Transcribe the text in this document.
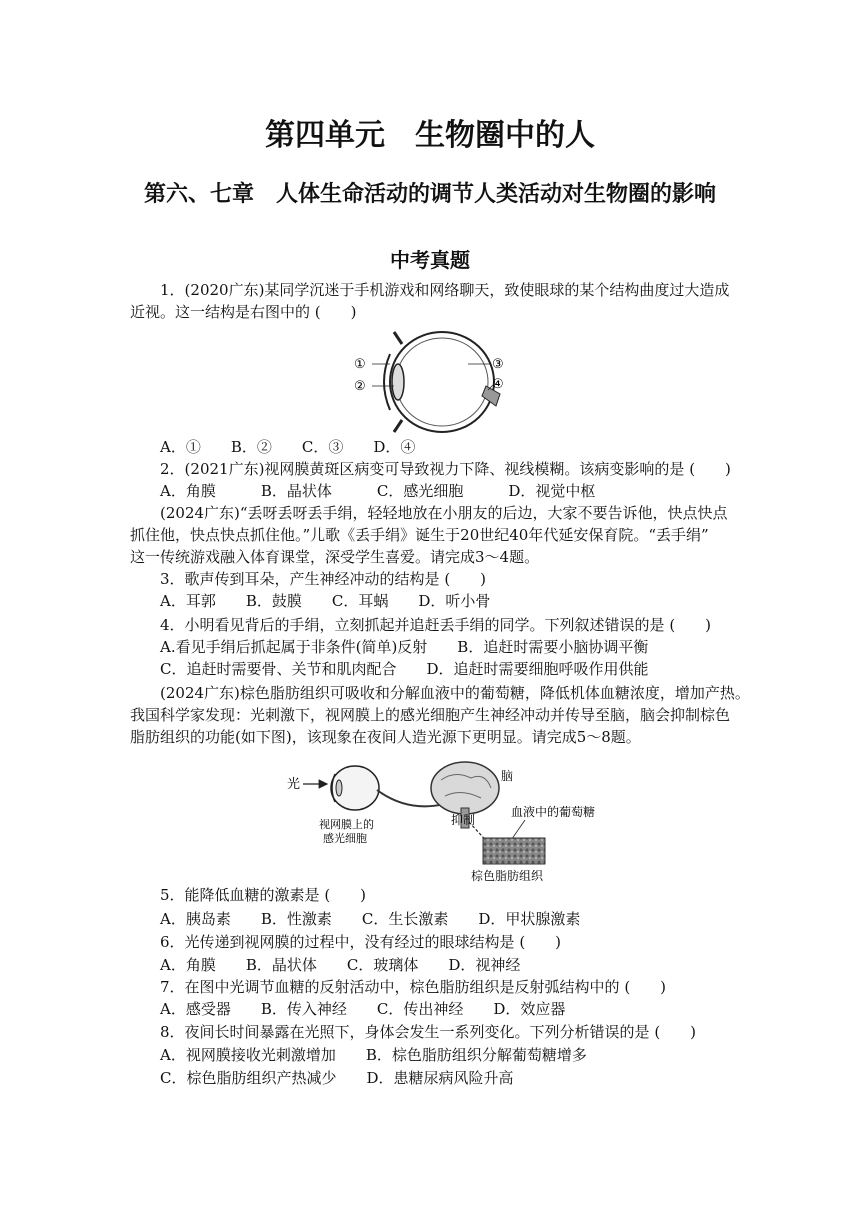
第四单元　生物圈中的人
第六、七章　人体生命活动的调节人类活动对生物圈的影响
中考真题
1．(2020广东)某同学沉迷于手机游戏和网络聊天，致使眼球的某个结构曲度过大造成
近视。这一结构是右图中的 (　　)
①
②
③
④
A．①　　B．②　　C．③　　D．④
2．(2021广东)视网膜黄斑区病变可导致视力下降、视线模糊。该病变影响的是 (　　)
A．角膜　　　B．晶状体　　　C．感光细胞　　　D．视觉中枢
(2024广东)“丢呀丢呀丢手绢，轻轻地放在小朋友的后边，大家不要告诉他，快点快点
抓住他，快点快点抓住他。”儿歌《丢手绢》诞生于20世纪40年代延安保育院。“丢手绢”
这一传统游戏融入体育课堂，深受学生喜爱。请完成3～4题。
3．歌声传到耳朵，产生神经冲动的结构是 (　　)
A．耳郭　　B．鼓膜　　C．耳蜗　　D．听小骨
4．小明看见背后的手绢，立刻抓起并追赶丢手绢的同学。下列叙述错误的是 (　　)
A.看见手绢后抓起属于非条件(简单)反射　　B．追赶时需要小脑协调平衡
C．追赶时需要骨、关节和肌肉配合　　D．追赶时需要细胞呼吸作用供能
(2024广东)棕色脂肪组织可吸收和分解血液中的葡萄糖，降低机体血糖浓度，增加产热。
我国科学家发现：光刺激下，视网膜上的感光细胞产生神经冲动并传导至脑，脑会抑制棕色
脂肪组织的功能(如下图)，该现象在夜间人造光源下更明显。请完成5～8题。
光
视网膜上的
感光细胞
脑
抑制
血液中的葡萄糖
棕色脂肪组织
5．能降低血糖的激素是 (　　)
A．胰岛素　　B．性激素　　C．生长激素　　D．甲状腺激素
6．光传递到视网膜的过程中，没有经过的眼球结构是 (　　)
A．角膜　　B．晶状体　　C．玻璃体　　D．视神经
7．在图中光调节血糖的反射活动中，棕色脂肪组织是反射弧结构中的 (　　)
A．感受器　　B．传入神经　　C．传出神经　　D．效应器
8．夜间长时间暴露在光照下，身体会发生一系列变化。下列分析错误的是 (　　)
A．视网膜接收光刺激增加　　B．棕色脂肪组织分解葡萄糖增多
C．棕色脂肪组织产热减少　　D．患糖尿病风险升高
